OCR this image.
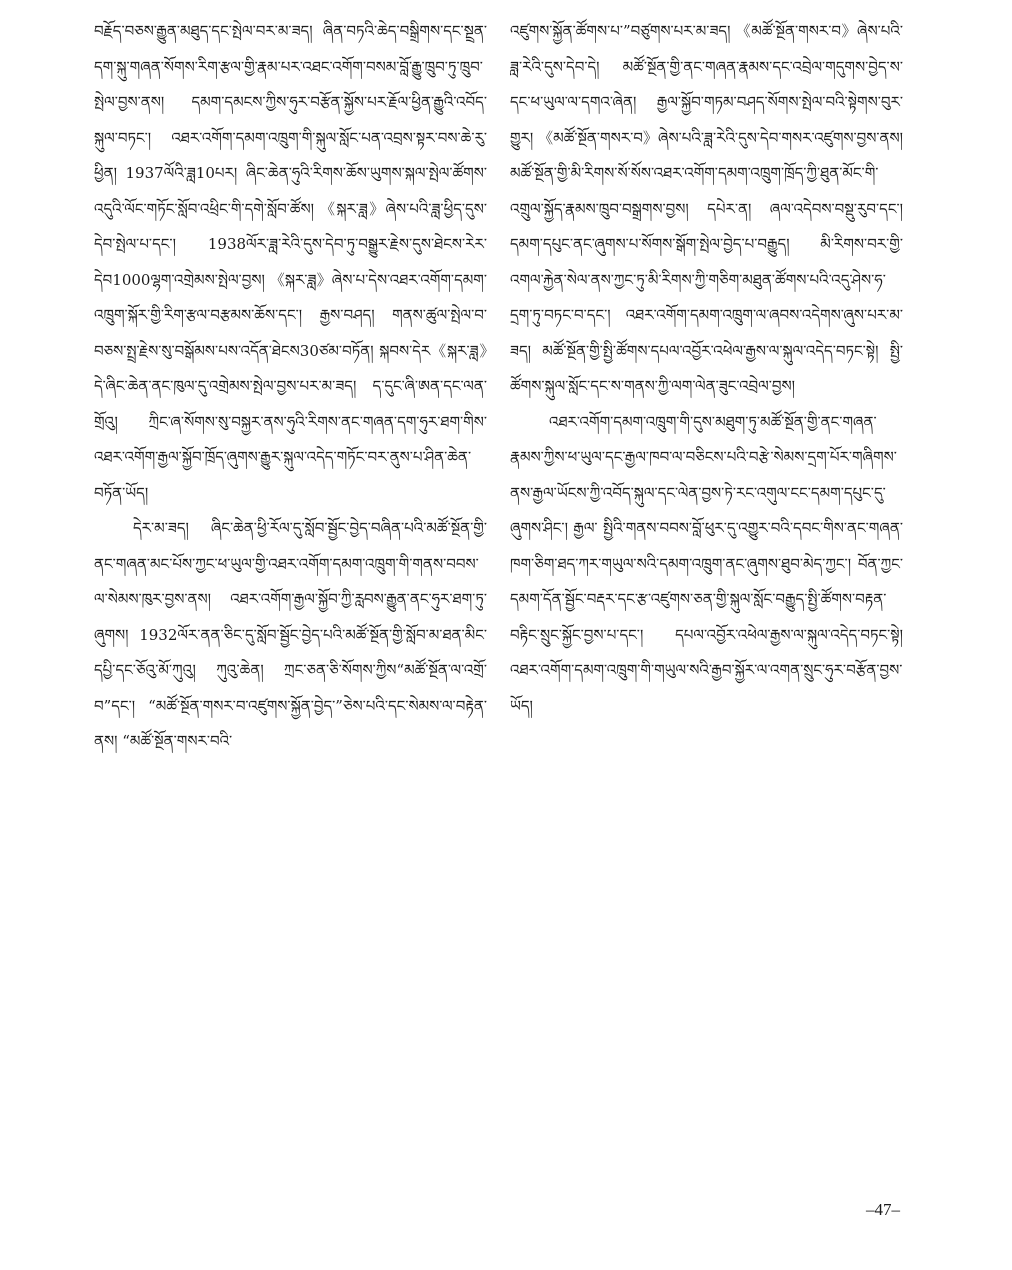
བརྗོད་བཅས་རྒྱུན་མཐུད་དང་སྤེལ་བར་མ་ཟད། ཞིན་བཏའི་ཆེད་བསྒྲིགས་དང་སྔྲན་དག་སྐུ་གཞན་སོགས་རིག་རྩལ་གྱི་རྣམ་པར་འཐང་འགོག་བསམ་བློ་རྒྱུ་ཁྲུབ་ཏུ་ཁྲུབ་སྤེལ་བྱས་ནས། དམག་དམངས་ཀྱིས་ཧུར་བརྩོན་སྐྱོས་པར་རྗོལ་ཕྱིན་རྒྱུའི་འབོད་སྐུལ་བཏང་། འཐར་འགོག་དམག་འཁྲུག་གི་སྐུལ་སློང་པན་འབྲས་སྟར་བས་ཆེ་རུ་ཕྱིན། 1937ལོའི་ཟླ10པར། ཞིང་ཆེན་ཧུའི་རིགས་ཆོས་ཡུགས་སྐལ་སྤེལ་ཚོགས་འདུའི་ལོང་གཏོང་སློབ་འཕྲིང་གི་དགེ་སློབ་ཚོས། 《སྐར་ཟླ》ཞེས་པའི་ཟླ་ཕྱིད་དུས་དེབ་སྤེལ་པ་དང་། 1938ལོར་ཟླ་རེའི་དུས་དེབ་ཏུ་བསྒྱུར་རྗེས་དུས་ཐེངས་རེར་དེབ1000ལྷག་འགྲེམས་སྤེལ་བྱས། 《སྐར་ཟླ》ཞེས་པ་དེས་འཐར་འགོག་དམག་འཁྲུག་སྐོར་གྱི་རིག་རྩལ་བརྩམས་ཆོས་དང་། རྒྱས་བཤད། གནས་ཚུལ་སྤེལ་བ་བཅས་སྤྲ་རྗེས་སུ་བསྒོམས་པས་འདོན་ཐེངས30ཙམ་བཏོན། སྐབས་དེར《སྐར་ཟླ》དེ་ཞིང་ཆེན་ནང་ཁུལ་དུ་འགྲེམས་སྤེལ་བྱས་པར་མ་ཟད། ད་དུང་ཞི་ཨན་དང་ལན་གྲོའུ། ཀྲིང་ཞ་སོགས་སུ་བསྐྱར་ནས་ཧུའི་རིགས་ནང་གཞན་དག་ཧུར་ཐག་གིས་འཐར་འགོག་རྒྱལ་སྐྱོབ་ཁྲོད་ཞུགས་རྒྱུར་སྐུལ་འདེད་གཏོང་བར་ནུས་པ་ཤིན་ཆེན་བཏོན་ཡོད།

དེར་མ་ཟད། ཞིང་ཆེན་ཕྱི་རོལ་དུ་སློབ་སྦྱོང་བྱེད་བཞིན་པའི་མཚོ་སྔོན་གྱི་ནང་གཞན་མང་པོས་ཀྱང་ཕ་ཡུལ་གྱི་འཐར་འགོག་དམག་འཁྲུག་གི་གནས་བབས་ལ་སེམས་ཁུར་བྱས་ནས། འཐར་འགོག་རྒྱལ་སྐྱོབ་ཀྱི་རླབས་རྒྱུན་ནང་ཧུར་ཐག་ཏུ་ཞུགས། 1932ལོར་ནན་ཅིང་དུ་སློབ་སྦྱོང་བྱེད་པའི་མཚོ་སྔོན་གྱི་སློབ་མ་ཐན་མིང་དཔྱི་དང་ཅོའུ་མོ་ཀུའུ། ཀུའུ་ཆེན། ཀྲང་ཅན་ཅི་སོགས་ཀྱིས“མཚོ་སྔོན་ལ་འགྲོ་བ”དང་། “མཚོ་སྔོན་གསར་བ་འཛུགས་སྐྱོན་བྱེད་”ཅེས་པའི་དང་སེམས་ལ་བརྟེན་ནས། “མཚོ་སྔོན་གསར་བའི་

འཛུགས་སྐྱོན་ཚོགས་པ་”བཙུགས་པར་མ་ཟད། 《མཚོ་སྔོན་གསར་བ》ཞེས་པའི་ཟླ་རེའི་དུས་དེབ་དེ། མཚོ་སྔོན་གྱི་ནང་གཞན་རྣམས་དང་འབྲེལ་གདུགས་བྱེད་ས་དང་ཕ་ཡུལ་ལ་དགའ་ཞེན། རྒྱལ་སྐྱོབ་གཏམ་བཤད་སོགས་སྤེལ་བའི་སྟེགས་བུར་གྱུར། 《མཚོ་སྔོན་གསར་བ》ཞེས་པའི་ཟླ་རེའི་དུས་དེབ་གསར་འཛུགས་བྱས་ནས། མཚོ་སྔོན་གྱི་མི་རིགས་སོ་སོས་འཐར་འགོག་དམག་འཁྲུག་ཁྲོད་ཀྱི་ཐུན་མོང་གི་འགྲུལ་སྐྱོད་རྣམས་ཁྲུབ་བསྒྲགས་བྱས། དཔེར་ན། ཞལ་འདེབས་བསྡུ་རུབ་དང་། དམག་དཔུང་ནང་ཞུགས་པ་སོགས་སྒོག་སྤེལ་བྱེད་པ་བརྒྱུད། མི་རིགས་བར་གྱི་འགལ་རྐྱེན་སེལ་ནས་ཀྱང་ཏུ་མི་རིགས་ཀྱི་གཅིག་མཐུན་ཚོགས་པའི་འདུ་ཤེས་ཧ་དྲག་ཏུ་བཏང་བ་དང་། འཐར་འགོག་དམག་འཁྲུག་ལ་ཞབས་འདེགས་ཞུས་པར་མ་ཟད། མཚོ་སྔོན་གྱི་སྤྱི་ཚོགས་དཔལ་འབྱོར་འཕེལ་རྒྱས་ལ་སྐུལ་འདེད་བཏང་སྟེ། སྤྱི་ཚོགས་སྐུལ་སློང་དང་ས་གནས་ཀྱི་ལག་ལེན་ཟུང་འབྲེལ་བྱས།

འཐར་འགོག་དམག་འཁྲུག་གི་དུས་མཐུག་ཏུ་མཚོ་སྔོན་གྱི་ནང་གཞན་རྣམས་ཀྱིས་ཕ་ཡུལ་དང་རྒྱལ་ཁབ་ལ་བཅིངས་པའི་བརྩེ་སེམས་དྲག་པོར་གཞིགས་ནས་རྒྱལ་ཡོངས་ཀྱི་འབོད་སྐུལ་དང་ལེན་བྱས་ཏེ་རང་འགུལ་ངང་དམག་དཔུང་དུ་ཞུགས་ཤིང་། རྒྱལ་ སྤྱིའི་གནས་བབས་བློ་ཕུར་དུ་འགྱུར་བའི་དབང་གིས་ནང་གཞན་ཁག་ཅིག་ཐད་ཀར་གཡུལ་སའི་དམག་འཁྲུག་ནང་ཞུགས་ཐུབ་མེད་ཀྱང་། བོན་ཀྱང་དམག་དོན་སྦྱོང་བརྡར་དང་རྩ་འཛུགས་ཅན་གྱི་སྐུལ་སློང་བརྒྱུད་སྤྱི་ཚོགས་བརྟན་བརྟིང་སྲུང་སྐྱོང་བྱས་པ་དང་། དཔལ་འབྱོར་འཕེལ་རྒྱས་ལ་སྐུལ་འདེད་བཏང་སྟེ། འཐར་འགོག་དམག་འཁྲུག་གི་གཡུལ་སའི་རྒྱབ་སྐྱོར་ལ་འགན་སྲུང་ཧུར་བརྩོན་བྱས་ཡོད།

–47–
